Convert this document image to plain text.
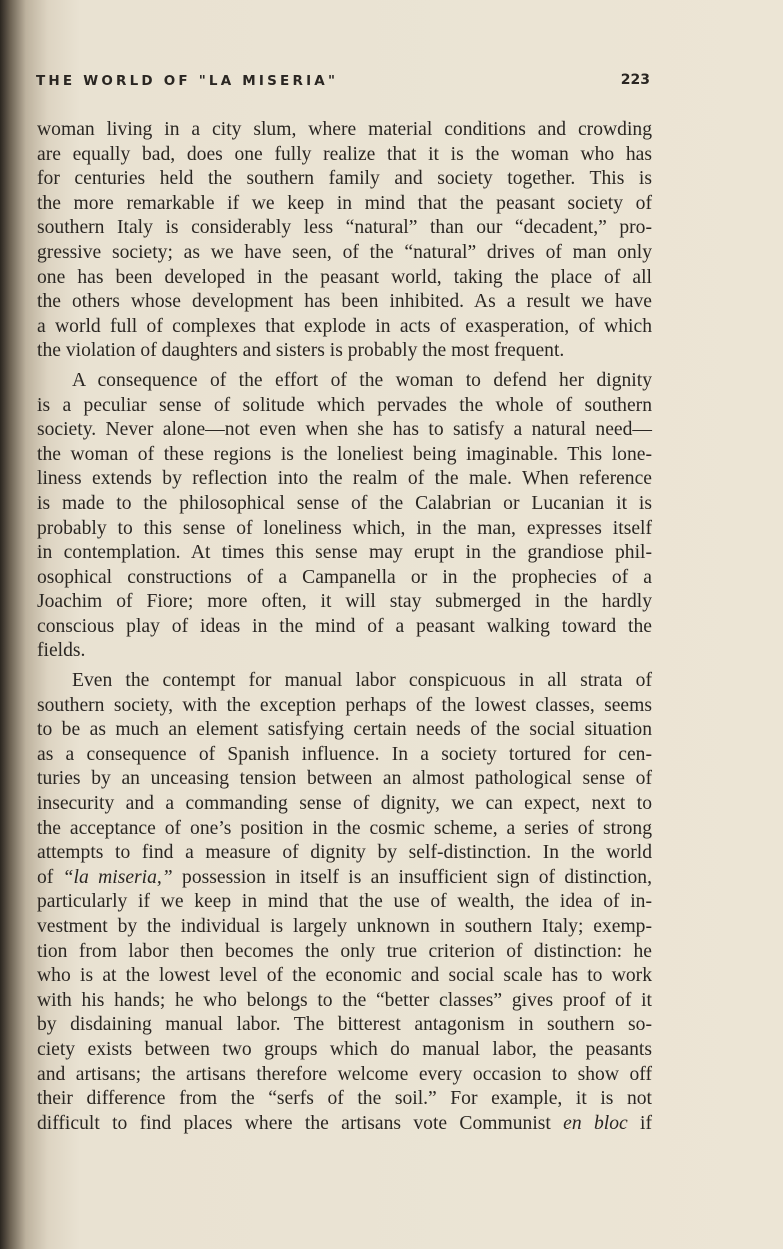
THE WORLD OF "LA MISERIA"	223
woman living in a city slum, where material conditions and crowding
are equally bad, does one fully realize that it is the woman who has
for centuries held the southern family and society together. This is
the more remarkable if we keep in mind that the peasant society of
southern Italy is considerably less “natural” than our “decadent,” pro-
gressive society; as we have seen, of the “natural” drives of man only
one has been developed in the peasant world, taking the place of all
the others whose development has been inhibited. As a result we have
a world full of complexes that explode in acts of exasperation, of which
the violation of daughters and sisters is probably the most frequent.
A consequence of the effort of the woman to defend her dignity
is a peculiar sense of solitude which pervades the whole of southern
society. Never alone—not even when she has to satisfy a natural need—
the woman of these regions is the loneliest being imaginable. This lone-
liness extends by reflection into the realm of the male. When reference
is made to the philosophical sense of the Calabrian or Lucanian it is
probably to this sense of loneliness which, in the man, expresses itself
in contemplation. At times this sense may erupt in the grandiose phil-
osophical constructions of a Campanella or in the prophecies of a
Joachim of Fiore; more often, it will stay submerged in the hardly
conscious play of ideas in the mind of a peasant walking toward the
fields.
Even the contempt for manual labor conspicuous in all strata of
southern society, with the exception perhaps of the lowest classes, seems
to be as much an element satisfying certain needs of the social situation
as a consequence of Spanish influence. In a society tortured for cen-
turies by an unceasing tension between an almost pathological sense of
insecurity and a commanding sense of dignity, we can expect, next to
the acceptance of one’s position in the cosmic scheme, a series of strong
attempts to find a measure of dignity by self-distinction. In the world
of “la miseria,” possession in itself is an insufficient sign of distinction,
particularly if we keep in mind that the use of wealth, the idea of in-
vestment by the individual is largely unknown in southern Italy; exemp-
tion from labor then becomes the only true criterion of distinction: he
who is at the lowest level of the economic and social scale has to work
with his hands; he who belongs to the “better classes” gives proof of it
by disdaining manual labor. The bitterest antagonism in southern so-
ciety exists between two groups which do manual labor, the peasants
and artisans; the artisans therefore welcome every occasion to show off
their difference from the “serfs of the soil.” For example, it is not
difficult to find places where the artisans vote Communist en bloc if
